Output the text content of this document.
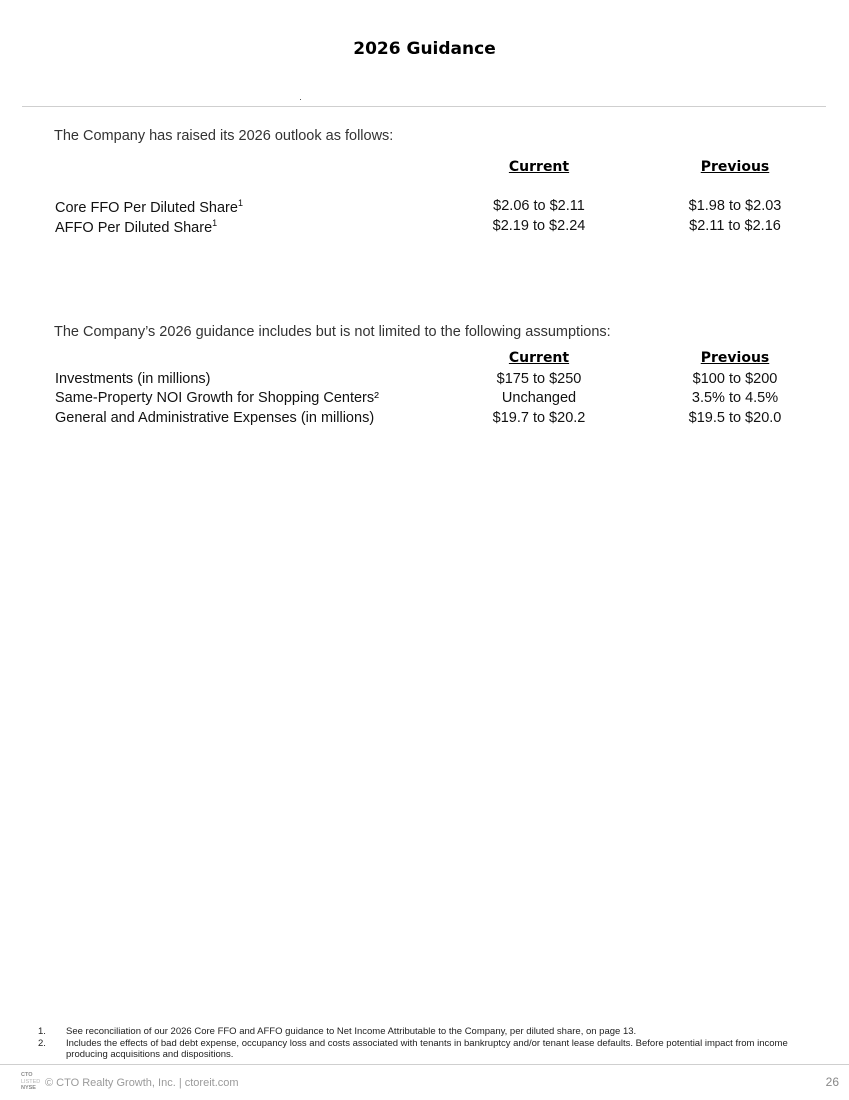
2026 Guidance
The Company has raised its 2026 outlook as follows:
Current	Previous
Core FFO Per Diluted Share$^1$	$2.06 to $2.11	$1.98 to $2.03
AFFO Per Diluted Share$^1$	$2.19 to $2.24	$2.11 to $2.16
The Company’s 2026 guidance includes but is not limited to the following assumptions:
Current	Previous
Investments (in millions)	$175 to $250	$100 to $200
Same-Property NOI Growth for Shopping Centers²	Unchanged	3.5% to 4.5%
General and Administrative Expenses (in millions)	$19.7 to $20.2	$19.5 to $20.0
1.	See reconciliation of our 2026 Core FFO and AFFO guidance to Net Income Attributable to the Company, per diluted share, on page 13.
2.	Includes the effects of bad debt expense, occupancy loss and costs associated with tenants in bankruptcy and/or tenant lease defaults. Before potential impact from income producing acquisitions and dispositions.
CTO
LISTED
NYSE © CTO Realty Growth, Inc. | ctoreit.com	26
